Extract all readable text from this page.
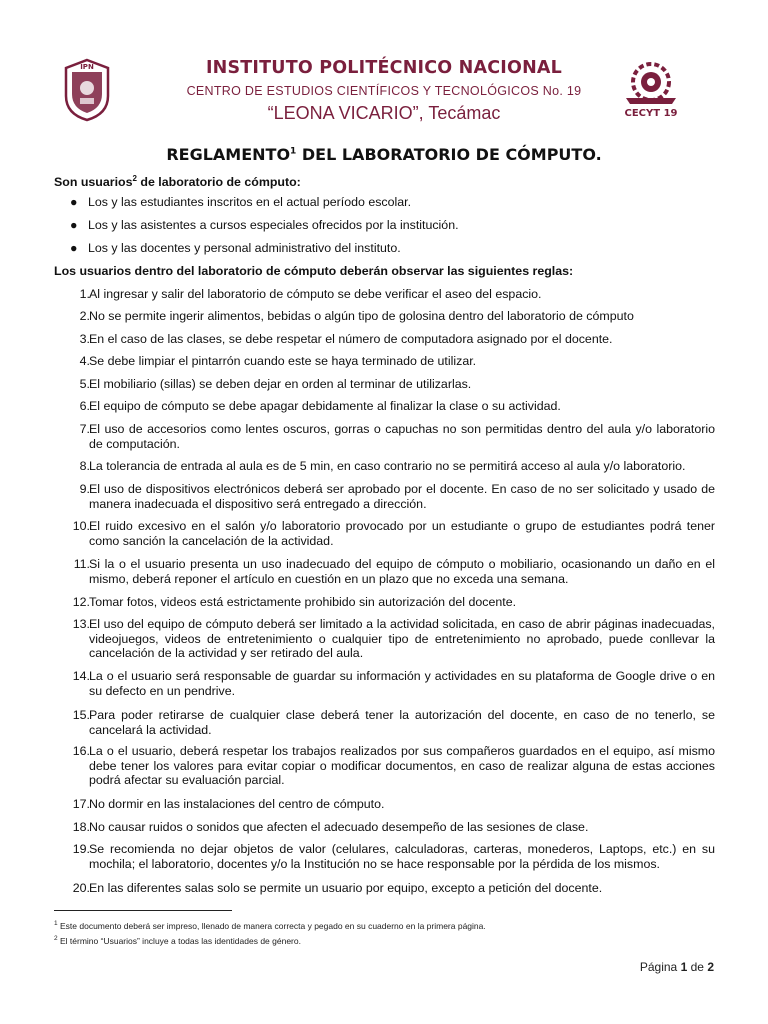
IPN
CECYT 19
INSTITUTO POLITÉCNICO NACIONAL
CENTRO DE ESTUDIOS CIENTÍFICOS Y TECNOLÓGICOS No. 19
“LEONA VICARIO”, Tecámac
REGLAMENTO$^1$ DEL LABORATORIO DE CÓMPUTO.
Son usuarios$^2$ de laboratorio de cómputo:
● Los y las estudiantes inscritos en el actual período escolar.
● Los y las asistentes a cursos especiales ofrecidos por la institución.
● Los y las docentes y personal administrativo del instituto.
Los usuarios dentro del laboratorio de cómputo deberán observar las siguientes reglas:
1. Al ingresar y salir del laboratorio de cómputo se debe verificar el aseo del espacio.
2. No se permite ingerir alimentos, bebidas o algún tipo de golosina dentro del laboratorio de cómputo
3. En el caso de las clases, se debe respetar el número de computadora asignado por el docente.
4. Se debe limpiar el pintarrón cuando este se haya terminado de utilizar.
5. El mobiliario (sillas) se deben dejar en orden al terminar de utilizarlas.
6. El equipo de cómputo se debe apagar debidamente al finalizar la clase o su actividad.
7. El uso de accesorios como lentes oscuros, gorras o capuchas no son permitidas dentro del aula y/o laboratorio de computación.
8. La tolerancia de entrada al aula es de 5 min, en caso contrario no se permitirá acceso al aula y/o laboratorio.
9. El uso de dispositivos electrónicos deberá ser aprobado por el docente. En caso de no ser solicitado y usado de manera inadecuada el dispositivo será entregado a dirección.
10. El ruido excesivo en el salón y/o laboratorio provocado por un estudiante o grupo de estudiantes podrá tener como sanción la cancelación de la actividad.
11. Si la o el usuario presenta un uso inadecuado del equipo de cómputo o mobiliario, ocasionando un daño en el mismo, deberá reponer el artículo en cuestión en un plazo que no exceda una semana.
12. Tomar fotos, videos está estrictamente prohibido sin autorización del docente.
13. El uso del equipo de cómputo deberá ser limitado a la actividad solicitada, en caso de abrir páginas inadecuadas, videojuegos, videos de entretenimiento o cualquier tipo de entretenimiento no aprobado, puede conllevar la cancelación de la actividad y ser retirado del aula.
14. La o el usuario será responsable de guardar su información y actividades en su plataforma de Google drive o en su defecto en un pendrive.
15. Para poder retirarse de cualquier clase deberá tener la autorización del docente, en caso de no tenerlo, se cancelará la actividad.
16. La o el usuario, deberá respetar los trabajos realizados por sus compañeros guardados en el equipo, así mismo debe tener los valores para evitar copiar o modificar documentos, en caso de realizar alguna de estas acciones podrá afectar su evaluación parcial.
17. No dormir en las instalaciones del centro de cómputo.
18. No causar ruidos o sonidos que afecten el adecuado desempeño de las sesiones de clase.
19. Se recomienda no dejar objetos de valor (celulares, calculadoras, carteras, monederos, Laptops, etc.) en su mochila; el laboratorio, docentes y/o la Institución no se hace responsable por la pérdida de los mismos.
20. En las diferentes salas solo se permite un usuario por equipo, excepto a petición del docente.
$^1$ Este documento deberá ser impreso, llenado de manera correcta y pegado en su cuaderno en la primera página.
$^2$ El término “Usuarios” incluye a todas las identidades de género.
Página 1 de 2
